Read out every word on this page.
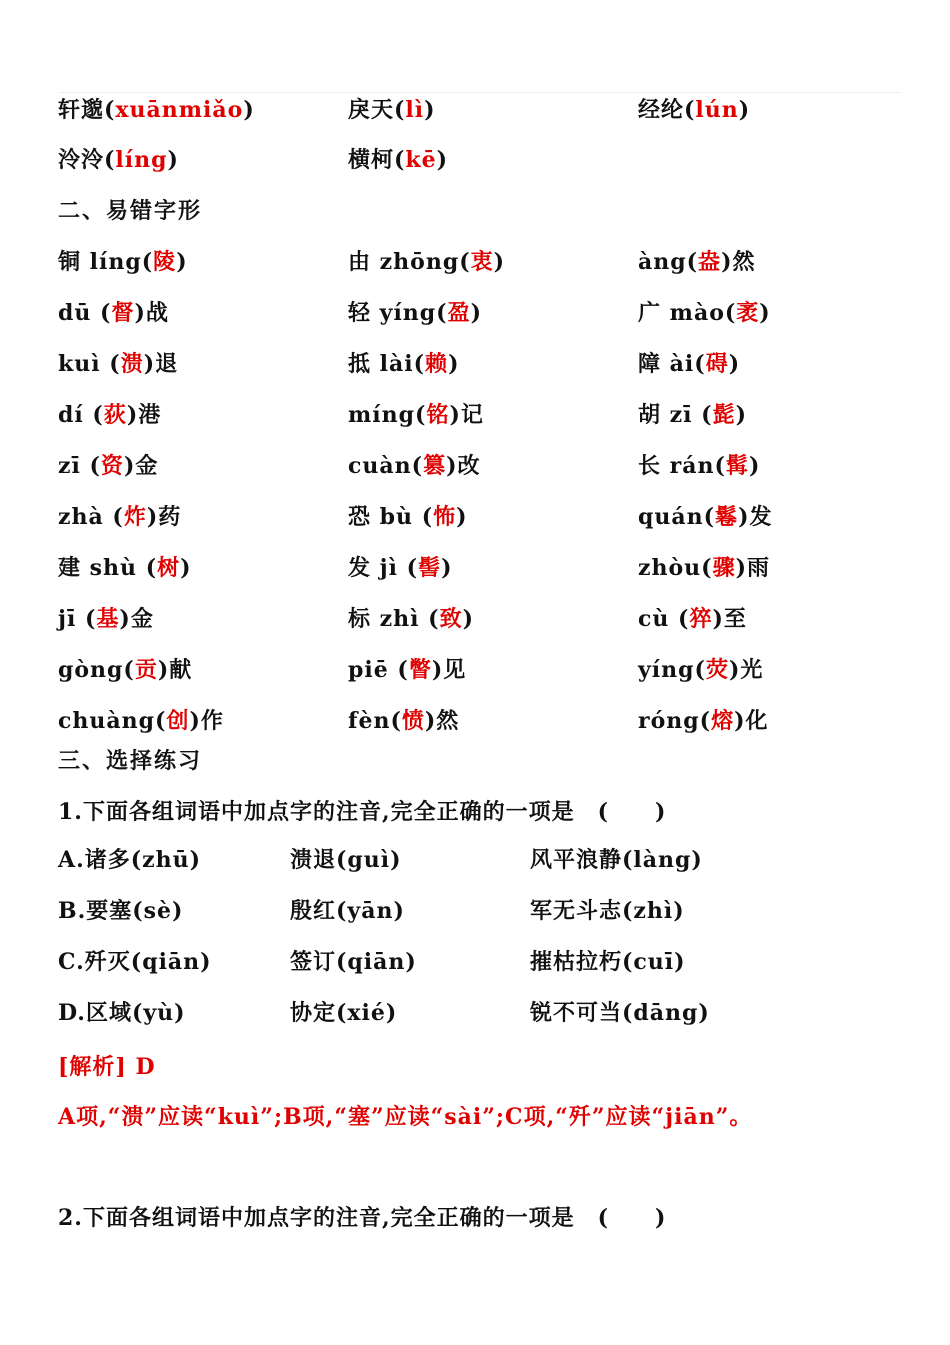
轩邈(xuānmiǎo)	戾天(lì)	经纶(lún)
泠泠(líng)	横柯(kē)
二、易错字形
铜 líng(陵)	由 zhōng(衷)	àng(盎)然
dū (督)战	轻 yíng(盈)	广 mào(袤)
kuì (溃)退	抵 lài(赖)	障 ài(碍)
dí (荻)港	míng(铭)记	胡 zī (髭)
zī (资)金	cuàn(篡)改	长 rán(髯)
zhà (炸)药	恐 bù (怖)	quán(鬈)发
建 shù (树)	发 jì (髻)	zhòu(骤)雨
jī (基)金	标 zhì (致)	cù (猝)至
gòng(贡)献	piē (瞥)见	yíng(荧)光
chuàng(创)作	fèn(愤)然	róng(熔)化
三、选择练习
1.下面各组词语中加点字的注音,完全正确的一项是　(　　)
A.诸多(zhū)	溃退(guì)	风平浪静(làng)
B.要塞(sè)	殷红(yān)	军无斗志(zhì)
C.歼灭(qiān)	签订(qiān)	摧枯拉朽(cuī)
D.区域(yù)	协定(xié)	锐不可当(dāng)
[解析] D
A项,“溃”应读“kuì”;B项,“塞”应读“sài”;C项,“歼”应读“jiān”。
2.下面各组词语中加点字的注音,完全正确的一项是　(　　)
